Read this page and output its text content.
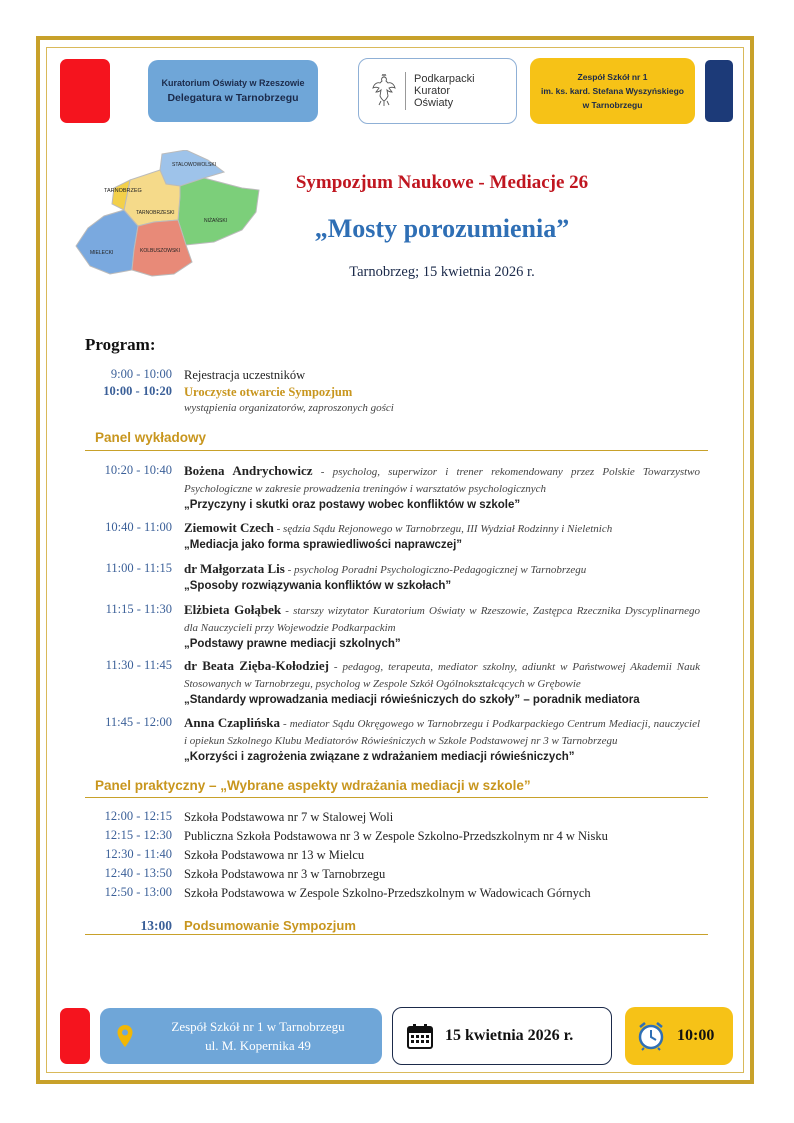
Kuratorium Oświaty w Rzeszowie
Delegatura w Tarnobrzegu
Podkarpacki
Kurator
Oświaty
Zespół Szkół nr 1
im. ks. kard. Stefana Wyszyńskiego
w Tarnobrzegu
TARNOBRZEG
STALOWOWOLSKI
TARNOBRZESKI
NIŻAŃSKI
MIELECKI	KOLBUSZOWSKI
Sympozjum Naukowe - Mediacje 26
„Mosty porozumienia”
Tarnobrzeg; 15 kwietnia 2026 r.
Program:
9:00 - 10:00 Rejestracja uczestników
10:00 - 10:20 Uroczyste otwarcie Sympozjum
wystąpienia organizatorów, zaproszonych gości
Panel wykładowy
10:20 - 10:40 Bożena Andrychowicz - psycholog, superwizor i trener rekomendowany przez Polskie Towarzystwo Psychologiczne w zakresie prowadzenia treningów i warsztatów psychologicznych
„Przyczyny i skutki oraz postawy wobec konfliktów w szkole”
10:40 - 11:00 Ziemowit Czech - sędzia Sądu Rejonowego w Tarnobrzegu, III Wydział Rodzinny i Nieletnich
„Mediacja jako forma sprawiedliwości naprawczej”
11:00 - 11:15 dr Małgorzata Lis - psycholog Poradni Psychologiczno-Pedagogicznej w Tarnobrzegu
„Sposoby rozwiązywania konfliktów w szkołach”
11:15 - 11:30 Elżbieta Gołąbek - starszy wizytator Kuratorium Oświaty w Rzeszowie, Zastępca Rzecznika Dyscyplinarnego dla Nauczycieli przy Wojewodzie Podkarpackim
„Podstawy prawne mediacji szkolnych”
11:30 - 11:45 dr Beata Zięba-Kołodziej - pedagog, terapeuta, mediator szkolny, adiunkt w Państwowej Akademii Nauk Stosowanych w Tarnobrzegu, psycholog w Zespole Szkół Ogólnokształcących w Grębowie
„Standardy wprowadzania mediacji rówieśniczych do szkoły” – poradnik mediatora
11:45 - 12:00 Anna Czaplińska - mediator Sądu Okręgowego w Tarnobrzegu i Podkarpackiego Centrum Mediacji, nauczyciel i opiekun Szkolnego Klubu Mediatorów Rówieśniczych w Szkole Podstawowej nr 3 w Tarnobrzegu
„Korzyści i zagrożenia związane z wdrażaniem mediacji rówieśniczych”
Panel praktyczny – „Wybrane aspekty wdrażania mediacji w szkole”
12:00 - 12:15 Szkoła Podstawowa nr 7 w Stalowej Woli
12:15 - 12:30 Publiczna Szkoła Podstawowa nr 3 w Zespole Szkolno-Przedszkolnym nr 4 w Nisku
12:30 - 11:40 Szkoła Podstawowa nr 13 w Mielcu
12:40 - 13:50 Szkoła Podstawowa nr 3 w Tarnobrzegu
12:50 - 13:00 Szkoła Podstawowa w Zespole Szkolno-Przedszkolnym w Wadowicach Górnych
13:00 Podsumowanie Sympozjum
Zespół Szkół nr 1 w Tarnobrzegu
ul. M. Kopernika 49
15 kwietnia 2026 r.	10:00
